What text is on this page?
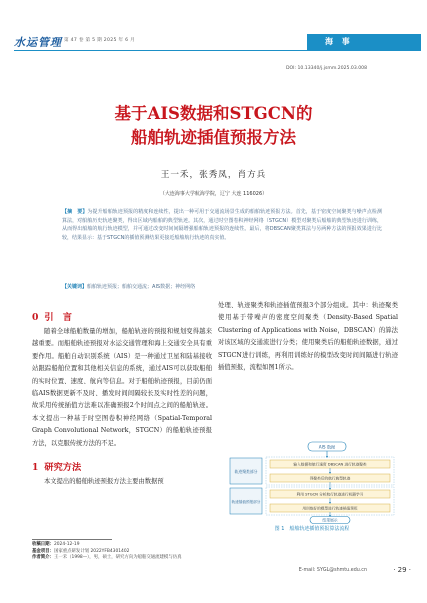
水运管理 第 47 卷 第 5 期 2025 年 6 月	海 事
DOI: 10.13340/j.jsmm.2025.03.008
基于AIS数据和STGCN的
船舶轨迹插值预报方法
王一禾，张秀凤，肖方兵
（大连海事大学航海学院，辽宁 大连 116026）
【摘　要】为提升船舶轨迹预报的精度和连续性，提出一种可用于交通流场景生成的船舶轨迹预报方法。首先，基于密度空间聚类与噪声点检测算法，对船舶历史轨迹聚类，得出区域内船舶的典型轨迹。其次，通过时空图卷积神经网络（STGCN）模型对聚类后船舶的典型轨迹进行训练，从而得出船舶的航行轨迹模型，并可通过改变时间间隔增强船舶轨迹预报的连续性。最后，将DBSCAN聚类算法与另两种方法的预报效果进行比较，结果显示：基于STGCN的插值预测结果更接近船舶航行轨迹的真实值。
【关键词】船舶轨迹预报；船舶交通流；AIS数据；神经网络
0 引　言

随着全球船舶数量的增加，船舶轨迹的预报和规划变得越来越重要。而船舶轨迹预报对水运交通管理和海上交通安全具有重要作用。船舶自动识别系统（AIS）是一种通过卫星和陆基接收站跟踪船舶位置和其他相关信息的系统，通过AIS可以获取船舶的实时位置、速度、航向等信息。对于船舶轨迹预报，目前仍面临AIS数据更新不及时、播发时间间隔较长及实时性差的问题，故采用传统插值方法难以准确预报2个时间点之间的船舶轨迹。本文提出一种基于时空图卷积神经网络（Spatial-Temporal Graph Convolutional Network，STGCN）的船舶轨迹预报方法，以克服传统方法的不足。

1 研究方法

本文提出的船舶轨迹预报方法主要由数据预

处理、轨迹聚类和轨迹插值预报3个部分组成。其中：轨迹聚类使用基于带噪声的密度空间聚类（Density-Based Spatial Clustering of Applications with Noise，DBSCAN）的算法对该区域的交通流进行分类；使用聚类后的船舶轨迹数据，通过STGCN进行训练，再利用训练好的模型改变时间间隔进行轨迹插值预报，流程如图1所示。

AIS 数据
轨迹聚类部分
轨迹插值预报部分
输入数据和航行速度 DBSCAN 进行轨迹聚类
得聚类后的航行典型轨迹
利用 STGCN 分析航行轨迹进行机器学习
用训练好的模型进行轨迹插值预报
结果展示
图 1　船舶轨迹插值预报算法流程
收稿日期：2024-12-19
基金项目：国家重点研发计划 2022YFB4301402
作者简介：王一禾（1998—），男，硕士，研究方向为船舶交通流建模与仿真
E-mail: SYGL@shmtu.edu.cn	· 29 ·
